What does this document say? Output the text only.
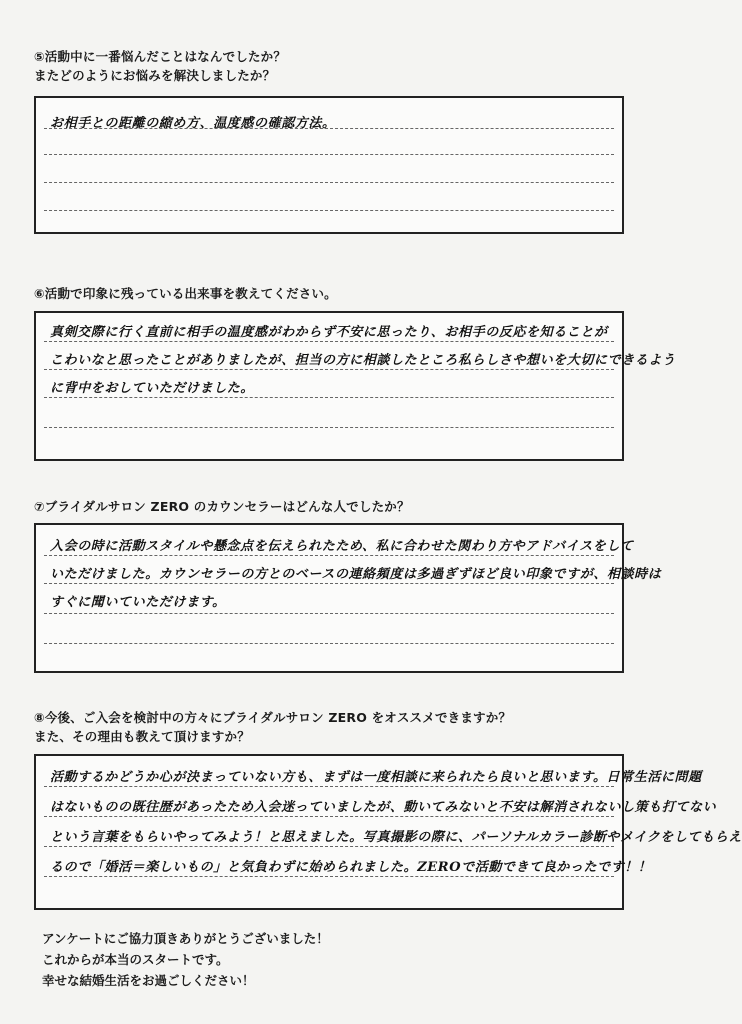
⑤活動中に一番悩んだことはなんでしたか？
またどのようにお悩みを解決しましたか？
お相手との距離の縮め方、温度感の確認方法。
⑥活動で印象に残っている出来事を教えてください。
真剣交際に行く直前に相手の温度感がわからず不安に思ったり、お相手の反応を知ることが
こわいなと思ったことがありましたが、担当の方に相談したところ私らしさや想いを大切にできるよう
に背中をおしていただけました。
⑦ブライダルサロン ZERO のカウンセラーはどんな人でしたか？
入会の時に活動スタイルや懸念点を伝えられたため、私に合わせた関わり方やアドバイスをして
いただけました。カウンセラーの方とのベースの連絡頻度は多過ぎずほど良い印象ですが、相談時は
すぐに聞いていただけます。
⑧今後、ご入会を検討中の方々にブライダルサロン ZERO をオススメできますか？
また、その理由も教えて頂けますか？
活動するかどうか心が決まっていない方も、まずは一度相談に来られたら良いと思います。日常生活に問題
はないものの既往歴があったため入会迷っていましたが、動いてみないと不安は解消されないし策も打てない
という言葉をもらいやってみよう！と思えました。写真撮影の際に、パーソナルカラー診断やメイクをしてもらえ
るので「婚活＝楽しいもの」と気負わずに始められました。ZEROで活動できて良かったです！！
アンケートにご協力頂きありがとうございました！
これからが本当のスタートです。
幸せな結婚生活をお過ごしください！
